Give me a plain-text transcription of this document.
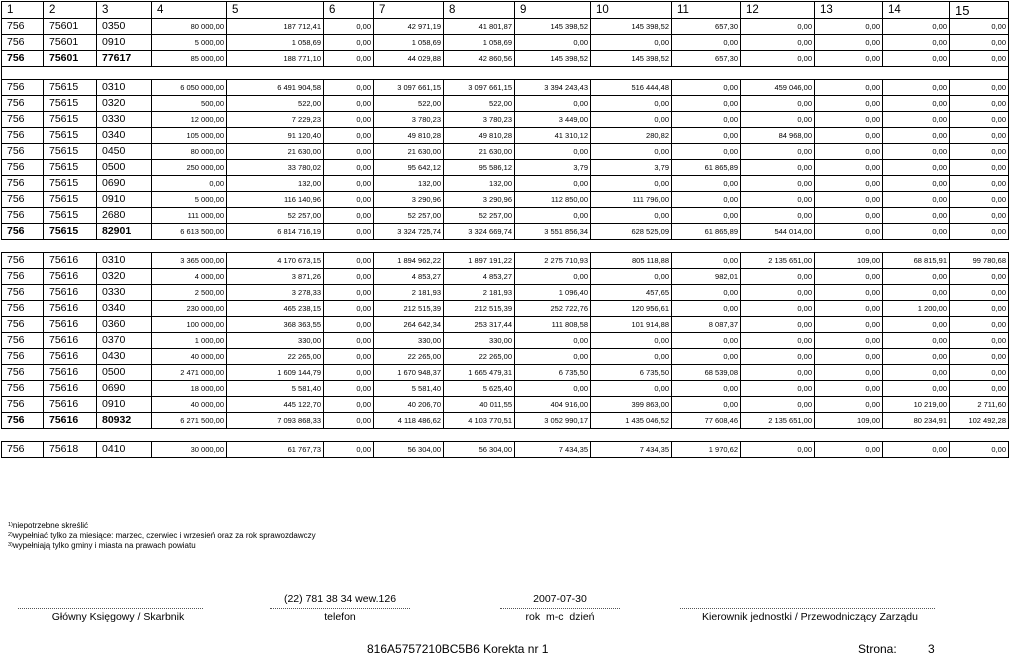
1	2	3	4	5	6	7	8	9	10	11	12	13	14	15
756	75601	0350	80 000,00	187 712,41	0,00	42 971,19	41 801,87	145 398,52	145 398,52	657,30	0,00	0,00	0,00	0,00
756	75601	0910	5 000,00	1 058,69	0,00	1 058,69	1 058,69	0,00	0,00	0,00	0,00	0,00	0,00	0,00
756	75601	77617	85 000,00	188 771,10	0,00	44 029,88	42 860,56	145 398,52	145 398,52	657,30	0,00	0,00	0,00	0,00

756	75615	0310	6 050 000,00	6 491 904,58	0,00	3 097 661,15	3 097 661,15	3 394 243,43	516 444,48	0,00	459 046,00	0,00	0,00	0,00
756	75615	0320	500,00	522,00	0,00	522,00	522,00	0,00	0,00	0,00	0,00	0,00	0,00	0,00
756	75615	0330	12 000,00	7 229,23	0,00	3 780,23	3 780,23	3 449,00	0,00	0,00	0,00	0,00	0,00	0,00
756	75615	0340	105 000,00	91 120,40	0,00	49 810,28	49 810,28	41 310,12	280,82	0,00	84 968,00	0,00	0,00	0,00
756	75615	0450	80 000,00	21 630,00	0,00	21 630,00	21 630,00	0,00	0,00	0,00	0,00	0,00	0,00	0,00
756	75615	0500	250 000,00	33 780,02	0,00	95 642,12	95 586,12	3,79	3,79	61 865,89	0,00	0,00	0,00	0,00
756	75615	0690	0,00	132,00	0,00	132,00	132,00	0,00	0,00	0,00	0,00	0,00	0,00	0,00
756	75615	0910	5 000,00	116 140,96	0,00	3 290,96	3 290,96	112 850,00	111 796,00	0,00	0,00	0,00	0,00	0,00
756	75615	2680	111 000,00	52 257,00	0,00	52 257,00	52 257,00	0,00	0,00	0,00	0,00	0,00	0,00	0,00
756	75615	82901	6 613 500,00	6 814 716,19	0,00	3 324 725,74	3 324 669,74	3 551 856,34	628 525,09	61 865,89	544 014,00	0,00	0,00	0,00

756	75616	0310	3 365 000,00	4 170 673,15	0,00	1 894 962,22	1 897 191,22	2 275 710,93	805 118,88	0,00	2 135 651,00	109,00	68 815,91	99 780,68
756	75616	0320	4 000,00	3 871,26	0,00	4 853,27	4 853,27	0,00	0,00	982,01	0,00	0,00	0,00	0,00
756	75616	0330	2 500,00	3 278,33	0,00	2 181,93	2 181,93	1 096,40	457,65	0,00	0,00	0,00	0,00	0,00
756	75616	0340	230 000,00	465 238,15	0,00	212 515,39	212 515,39	252 722,76	120 956,61	0,00	0,00	0,00	1 200,00	0,00
756	75616	0360	100 000,00	368 363,55	0,00	264 642,34	253 317,44	111 808,58	101 914,88	8 087,37	0,00	0,00	0,00	0,00
756	75616	0370	1 000,00	330,00	0,00	330,00	330,00	0,00	0,00	0,00	0,00	0,00	0,00	0,00
756	75616	0430	40 000,00	22 265,00	0,00	22 265,00	22 265,00	0,00	0,00	0,00	0,00	0,00	0,00	0,00
756	75616	0500	2 471 000,00	1 609 144,79	0,00	1 670 948,37	1 665 479,31	6 735,50	6 735,50	68 539,08	0,00	0,00	0,00	0,00
756	75616	0690	18 000,00	5 581,40	0,00	5 581,40	5 625,40	0,00	0,00	0,00	0,00	0,00	0,00	0,00
756	75616	0910	40 000,00	445 122,70	0,00	40 206,70	40 011,55	404 916,00	399 863,00	0,00	0,00	0,00	10 219,00	2 711,60
756	75616	80932	6 271 500,00	7 093 868,33	0,00	4 118 486,62	4 103 770,51	3 052 990,17	1 435 046,52	77 608,46	2 135 651,00	109,00	80 234,91	102 492,28

756	75618	0410	30 000,00	61 767,73	0,00	56 304,00	56 304,00	7 434,35	7 434,35	1 970,62	0,00	0,00	0,00	0,00
$^{1)}$niepotrzebne skreślić
$^{2)}$wypełniać tylko za miesiące: marzec, czerwiec i wrzesień oraz za rok sprawozdawczy
$^{3)}$wypełniają tylko gminy i miasta na prawach powiatu
(22) 781 38 34 wew.126	2007-07-30
Główny Księgowy / Skarbnik	telefon	rok m-c dzień	Kierownik jednostki / Przewodniczący Zarządu
816A5757210BC5B6 Korekta nr 1	Strona:	3
